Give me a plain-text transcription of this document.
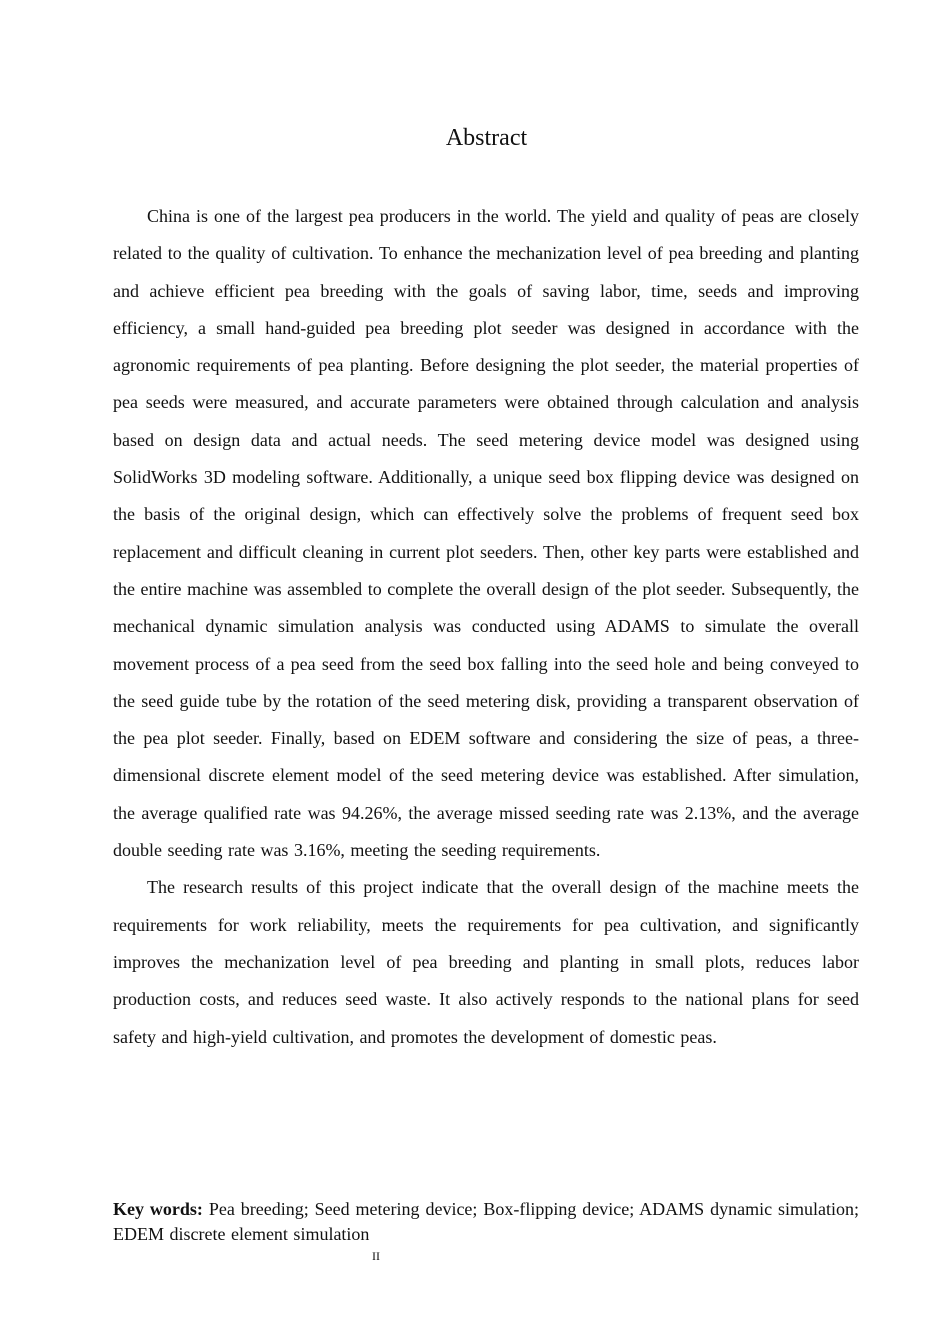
Abstract

China is one of the largest pea producers in the world. The yield and quality of peas are closely related to the quality of cultivation. To enhance the mechanization level of pea breeding and planting and achieve efficient pea breeding with the goals of saving labor, time, seeds and improving efficiency, a small hand-guided pea breeding plot seeder was designed in accordance with the agronomic requirements of pea planting. Before designing the plot seeder, the material properties of pea seeds were measured, and accurate parameters were obtained through calculation and analysis based on design data and actual needs. The seed metering device model was designed using SolidWorks 3D modeling software. Additionally, a unique seed box flipping device was designed on the basis of the original design, which can effectively solve the problems of frequent seed box replacement and difficult cleaning in current plot seeders. Then, other key parts were established and the entire machine was assembled to complete the overall design of the plot seeder. Subsequently, the mechanical dynamic simulation analysis was conducted using ADAMS to simulate the overall movement process of a pea seed from the seed box falling into the seed hole and being conveyed to the seed guide tube by the rotation of the seed metering disk, providing a transparent observation of the pea plot seeder. Finally, based on EDEM software and considering the size of peas, a three-dimensional discrete element model of the seed metering device was established. After simulation, the average qualified rate was 94.26%, the average missed seeding rate was 2.13%, and the average double seeding rate was 3.16%, meeting the seeding requirements.

The research results of this project indicate that the overall design of the machine meets the requirements for work reliability, meets the requirements for pea cultivation, and significantly improves the mechanization level of pea breeding and planting in small plots, reduces labor production costs, and reduces seed waste. It also actively responds to the national plans for seed safety and high-yield cultivation, and promotes the development of domestic peas.

Key words: Pea breeding; Seed metering device; Box-flipping device; ADAMS dynamic simulation; EDEM discrete element simulation

II
